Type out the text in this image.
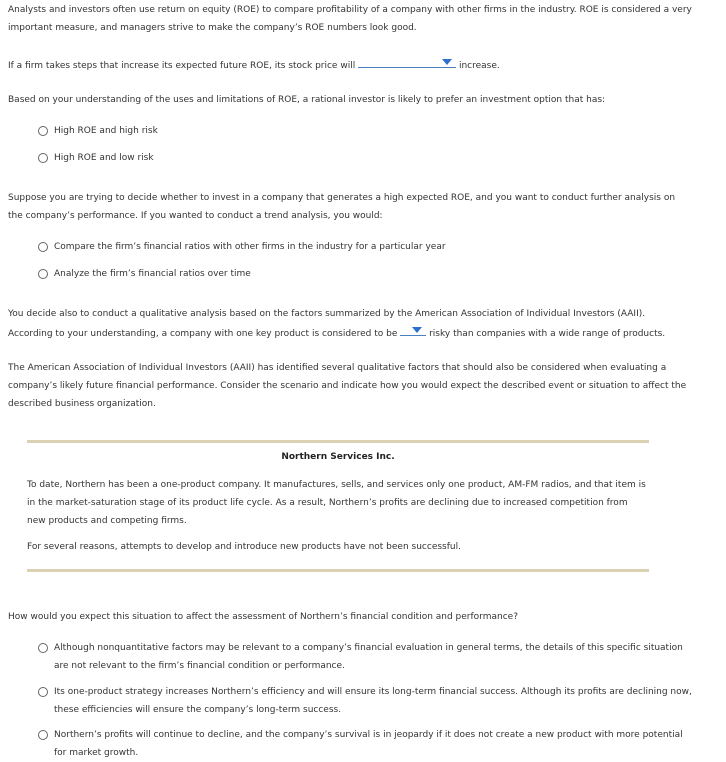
Analysts and investors often use return on equity (ROE) to compare profitability of a company with other firms in the industry. ROE is considered a very important measure, and managers strive to make the company’s ROE numbers look good.

If a firm takes steps that increase its expected future ROE, its stock price will	increase.

Based on your understanding of the uses and limitations of ROE, a rational investor is likely to prefer an investment option that has:

High ROE and high risk
High ROE and low risk

Suppose you are trying to decide whether to invest in a company that generates a high expected ROE, and you want to conduct further analysis on the company’s performance. If you wanted to conduct a trend analysis, you would:

Compare the firm’s financial ratios with other firms in the industry for a particular year
Analyze the firm’s financial ratios over time

You decide also to conduct a qualitative analysis based on the factors summarized by the American Association of Individual Investors (AAII).
According to your understanding, a company with one key product is considered to be	risky than companies with a wide range of products.

The American Association of Individual Investors (AAII) has identified several qualitative factors that should also be considered when evaluating a company’s likely future financial performance. Consider the scenario and indicate how you would expect the described event or situation to affect the described business organization.

Northern Services Inc.

To date, Northern has been a one-product company. It manufactures, sells, and services only one product, AM-FM radios, and that item is in the market-saturation stage of its product life cycle. As a result, Northern’s profits are declining due to increased competition from new products and competing firms.

For several reasons, attempts to develop and introduce new products have not been successful.

How would you expect this situation to affect the assessment of Northern’s financial condition and performance?

Although nonquantitative factors may be relevant to a company’s financial evaluation in general terms, the details of this specific situation are not relevant to the firm’s financial condition or performance.
Its one-product strategy increases Northern’s efficiency and will ensure its long-term financial success. Although its profits are declining now, these efficiencies will ensure the company’s long-term success.
Northern’s profits will continue to decline, and the company’s survival is in jeopardy if it does not create a new product with more potential for market growth.
